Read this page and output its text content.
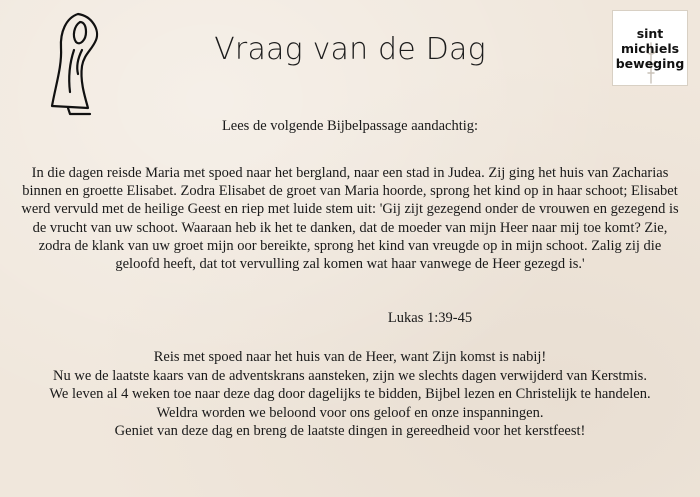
Vraag van de Dag	sint
michiels
beweging
Lees de volgende Bijbelpassage aandachtig:
In die dagen reisde Maria met spoed naar het bergland, naar een stad in Judea. Zij ging het huis van Zacharias binnen en groette Elisabet. Zodra Elisabet de groet van Maria hoorde, sprong het kind op in haar schoot; Elisabet werd vervuld met de heilige Geest en riep met luide stem uit: 'Gij zijt gezegend onder de vrouwen en gezegend is de vrucht van uw schoot. Waaraan heb ik het te danken, dat de moeder van mijn Heer naar mij toe komt? Zie, zodra de klank van uw groet mijn oor bereikte, sprong het kind van vreugde op in mijn schoot. Zalig zij die geloofd heeft, dat tot vervulling zal komen wat haar vanwege de Heer gezegd is.'
Lukas 1:39-45
Reis met spoed naar het huis van de Heer, want Zijn komst is nabij!
Nu we de laatste kaars van de adventskrans aansteken, zijn we slechts dagen verwijderd van Kerstmis.
We leven al 4 weken toe naar deze dag door dagelijks te bidden, Bijbel lezen en Christelijk te handelen.
Weldra worden we beloond voor ons geloof en onze inspanningen.
Geniet van deze dag en breng de laatste dingen in gereedheid voor het kerstfeest!
